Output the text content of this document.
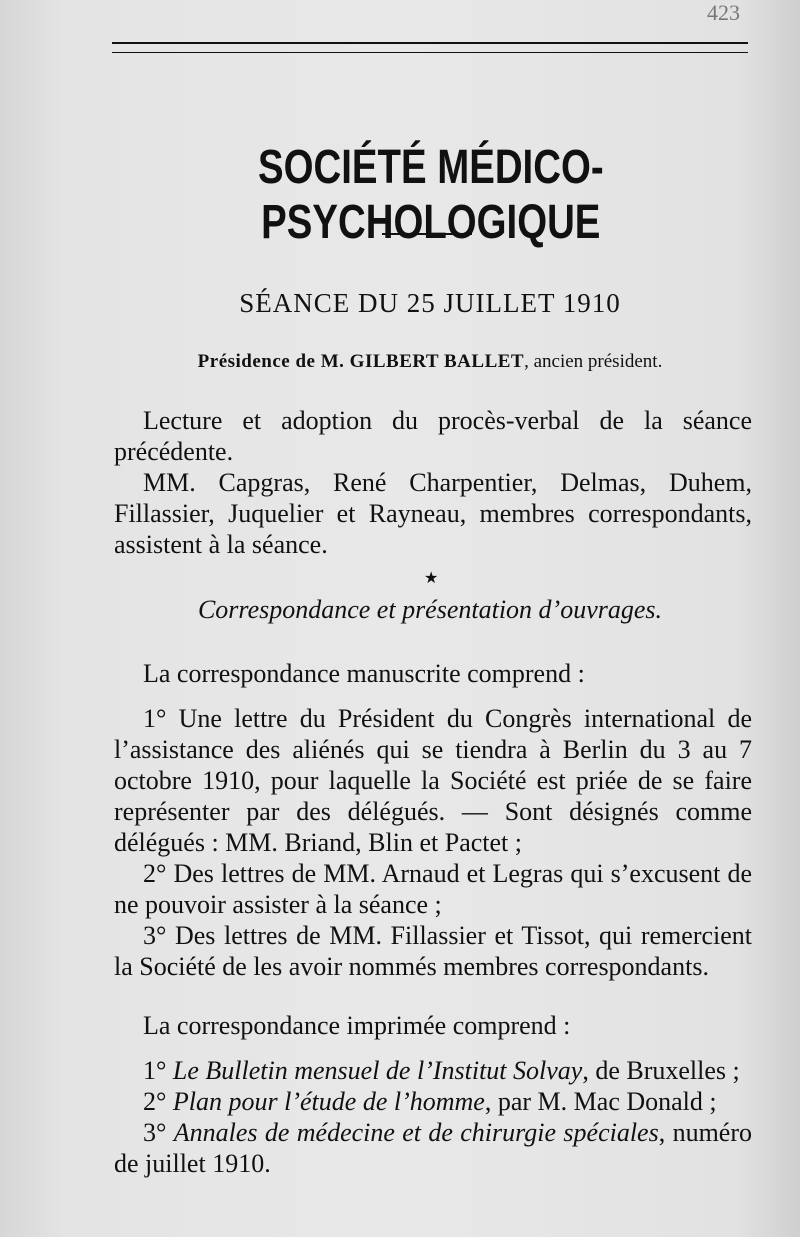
423
SOCIÉTÉ MÉDICO-PSYCHOLOGIQUE
SÉANCE DU 25 JUILLET 1910
Présidence de M. GILBERT BALLET, ancien président.

Lecture et adoption du procès-verbal de la séance précédente.

MM. Capgras, René Charpentier, Delmas, Duhem, Fillassier, Juquelier et Rayneau, membres correspondants, assistent à la séance.

★
Correspondance et présentation d’ouvrages.

La correspondance manuscrite comprend :

1° Une lettre du Président du Congrès international de l’assistance des aliénés qui se tiendra à Berlin du 3 au 7 octobre 1910, pour laquelle la Société est priée de se faire représenter par des délégués. — Sont désignés comme délégués : MM. Briand, Blin et Pactet ;

2° Des lettres de MM. Arnaud et Legras qui s’excusent de ne pouvoir assister à la séance ;

3° Des lettres de MM. Fillassier et Tissot, qui remercient la Société de les avoir nommés membres correspondants.

La correspondance imprimée comprend :

1° Le Bulletin mensuel de l’Institut Solvay, de Bruxelles ;

2° Plan pour l’étude de l’homme, par M. Mac Donald ;

3° Annales de médecine et de chirurgie spéciales, numéro de juillet 1910.
